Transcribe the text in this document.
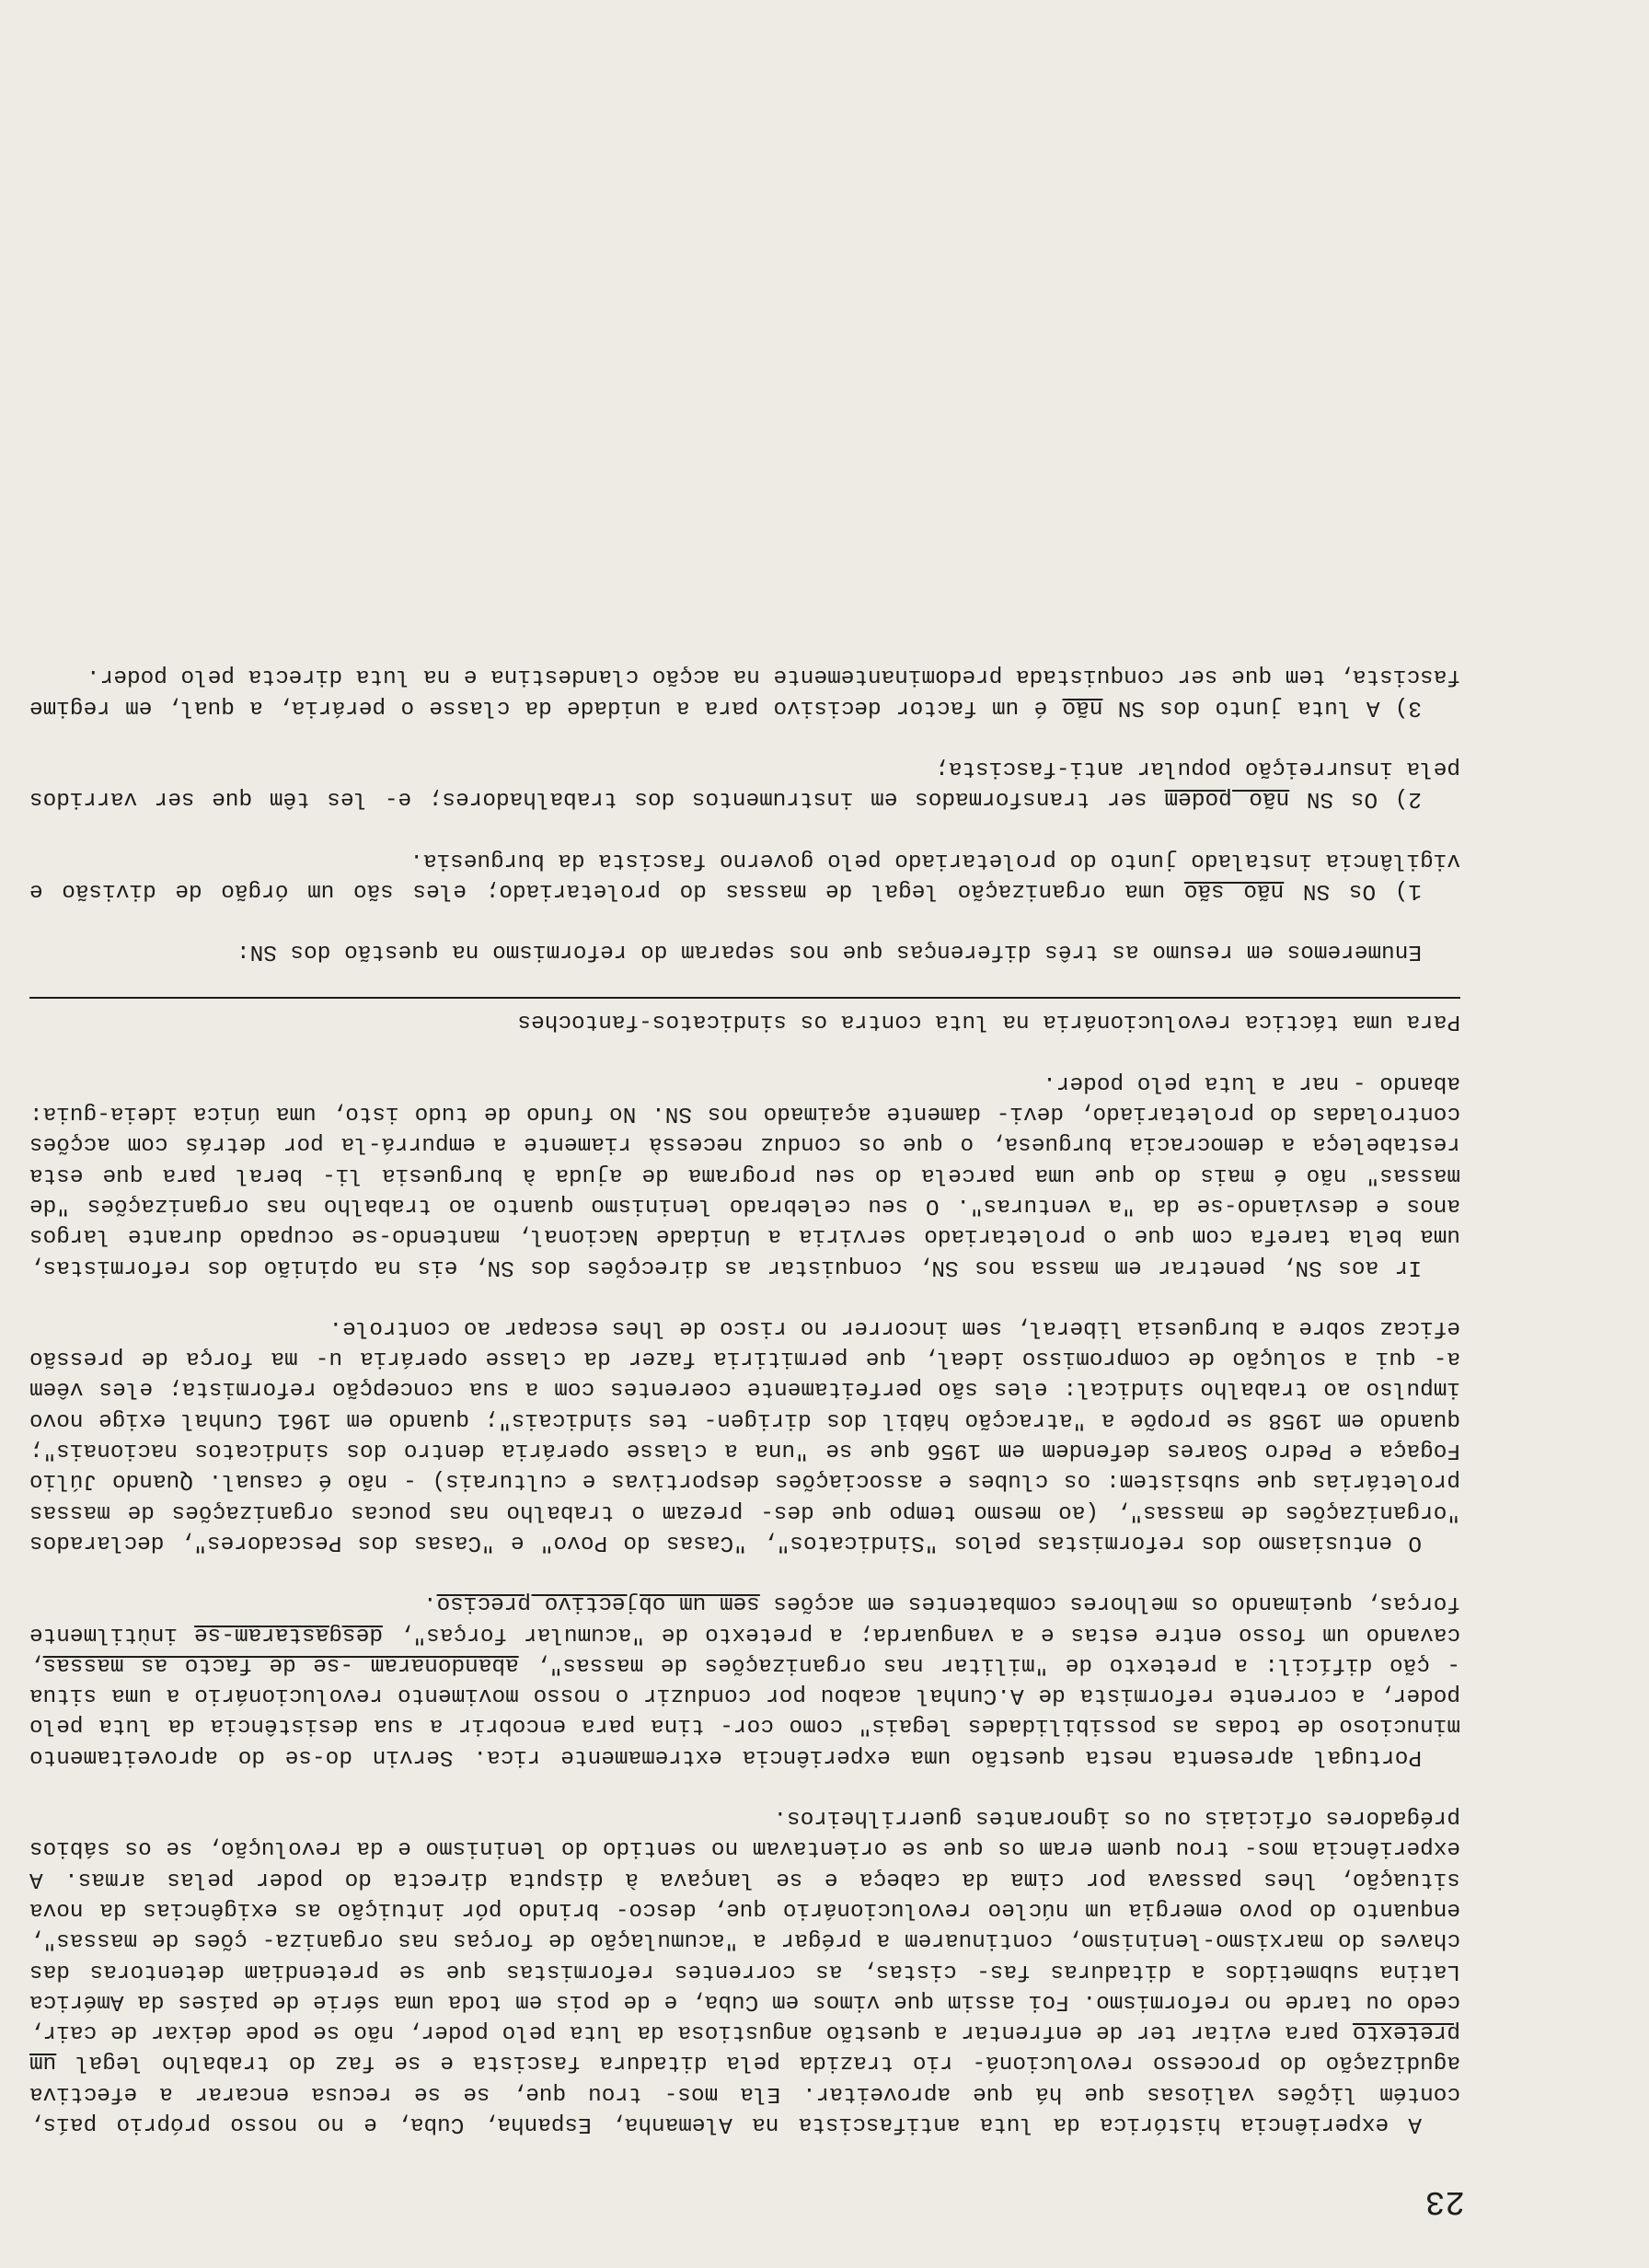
23

A experiência histórica da luta antifascista na Alemanha, Espanha, Cuba, e no nosso próprio país, contém lições valiosas que há que aproveitar. Ela mos- trou que, se se recusa encarar a efectiva agudização do processo revolucioná- rio trazida pela ditadura fascista e se faz do trabalho legal um pretexto para evitar ter de enfrentar a questão angustiosa da luta pelo poder, não se pode deixar de cair, cedo ou tarde no reformismo. Foi assim que vimos em Cuba, e de pois em toda uma série de países da América Latina submetidos a ditaduras fas- cistas, as correntes reformistas que se pretendiam detentoras das chaves do marxismo-leninismo, continuarem a prégar a "acumulação de forças nas organiza- ções de massas", enquanto do povo emergia um núcleo revolucionário que, desco- brindo pór intuição as exigências da nova situação, lhes passava por cima da cabeça e se lançava à disputa directa do poder pelas armas. A experiência mos- trou quem eram os que se orientavam no sentido do leninismo e da revolução, se os sábios prégadores oficiais ou os ignorantes guerrilheiros.

Portugal apresenta nesta questão uma experiência extremamente rica. Servin do-se do aproveitamento minucioso de todas as possibilidades legais" como cor- tina para encobrir a sua desistência da luta pelo poder, a corrente reformista de A.Cunhal acabou por conduzir o nosso movimento revolucionário a uma situa - ção difícil: a pretexto de "militar nas organizações de massas", abandonaram -se de facto as massas, cavando um fosso entre estas e a vanguarda; a pretexto de "acumular forças", desgastaram-se inùtilmente forças, queimando os melhores combatentes em acções sem um objectivo preciso.

O entusiasmo dos reformistas pelos "Sindicatos", "Casas do Povo" e "Casas dos Pescadores", declarados "organizações de massas", (ao mesmo tempo que des- prezam o trabalho nas poucas organizações de massas proletárias que subsistem: os clubes e associações desportivas e culturais) - não é casual. Quando Júlio Fogaça e Pedro Soares defendem em 1956 que se "una a classe operária dentro dos sindicatos nacionais"; quando em 1958 se propõe a "atracção hábil dos dirigen- tes sindicais"; quando em 1961 Cunhal exige novo impulso ao trabalho sindical: eles são perfeitamente coerentes com a sua concepção reformista; eles vêem a- qui a solução de compromisso ideal, que permitiria fazer da classe operária u- ma força de pressão eficaz sobre a burguesia liberal, sem incorrer no risco de lhes escapar ao controle.

Ir aos SN, penetrar em massa nos SN, conquistar as direcções dos SN, eis na opinião dos reformistas, uma bela tarefa com que o proletariado serviria a Unidade Nacional, mantendo-se ocupado durante largos anos e desviando-se da "a venturas". O seu celebrado leninismo quanto ao trabalho nas organizações "de massas" não é mais do que uma parcela do seu programa de ajuda à burguesia li- beral para que esta restabeleça a democracia burguesa, o que os conduz necessà riamente a empurrá-la por detrás com acções controladas do proletariado, devi- damente açaimado nos SN. No fundo de tudo isto, uma única ideia-guia: abando - nar a luta pelo poder.

Para uma táctica revolucionária na luta contra os sindicatos-fantoches

Enumeremos em resumo as três diferenças que nos separam do reformismo na questão dos SN:

1) Os SN não são uma organização legal de massas do proletariado; eles são um órgão de divisão e vigilância instalado junto do proletariado pelo governo fascista da burguesia.

2) Os SN não podem ser transformados em instrumentos dos trabalhadores; e- les têm que ser varridos pela insurreição popular anti-fascista;

3) A luta junto dos SN não é um factor decisivo para a unidade da classe o perária, a qual, em regime fascista, tem que ser conquistada predominantemente na acção clandestina e na luta directa pelo poder.
